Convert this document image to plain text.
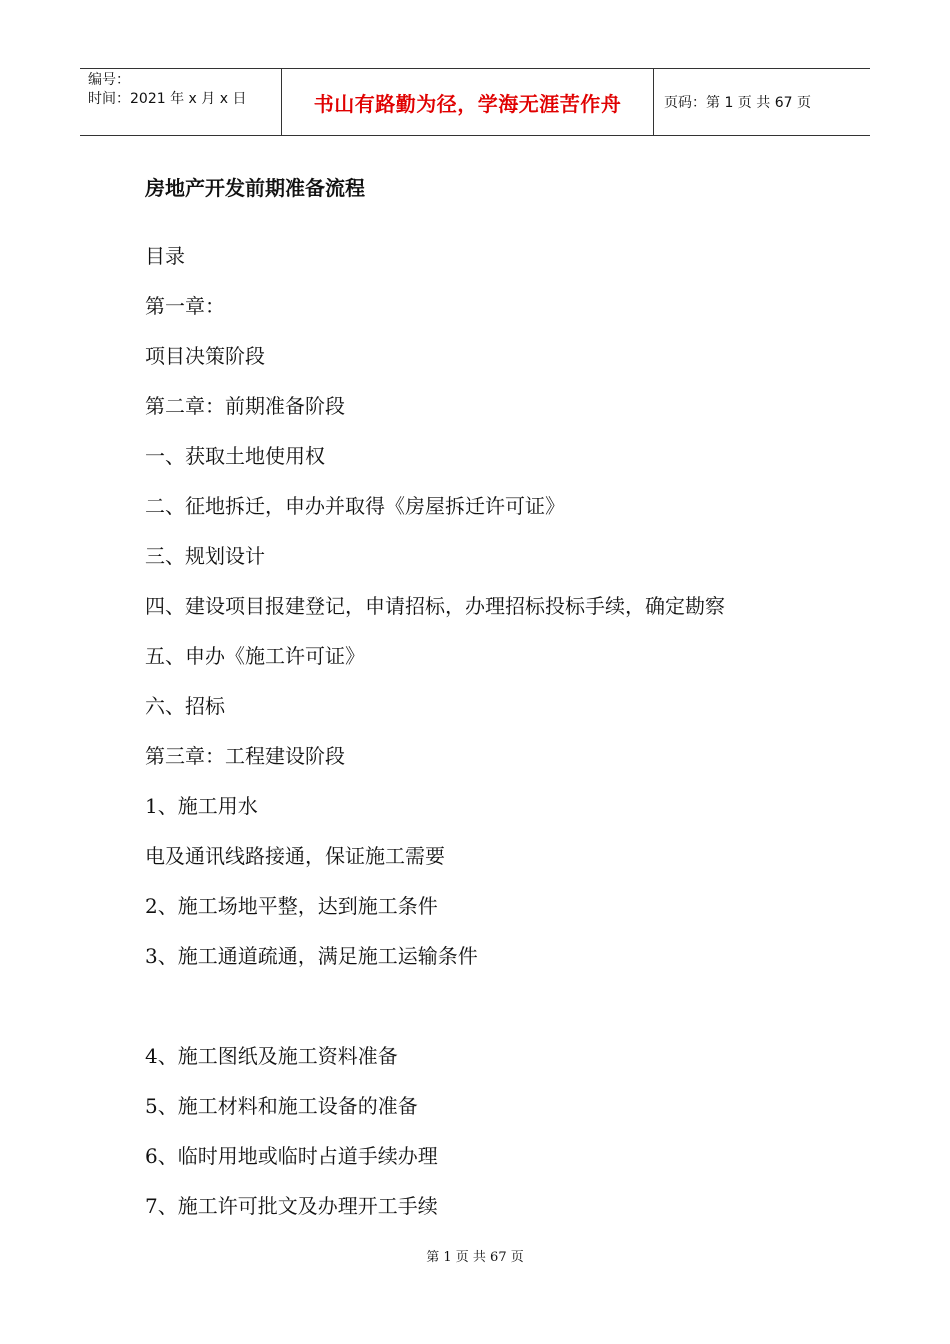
编号：
时间：2021 年 x 月 x 日	书山有路勤为径，学海无涯苦作舟	页码：第 1 页 共 67 页
房地产开发前期准备流程
目录
第一章：
项目决策阶段
第二章：前期准备阶段
一、获取土地使用权
二、征地拆迁，申办并取得《房屋拆迁许可证》
三、规划设计
四、建设项目报建登记，申请招标，办理招标投标手续，确定勘察
五、申办《施工许可证》
六、招标
第三章：工程建设阶段
1、施工用水
电及通讯线路接通，保证施工需要
2、施工场地平整，达到施工条件
3、施工通道疏通，满足施工运输条件
4、施工图纸及施工资料准备
5、施工材料和施工设备的准备
6、临时用地或临时占道手续办理
7、施工许可批文及办理开工手续
第 1 页 共 67 页
